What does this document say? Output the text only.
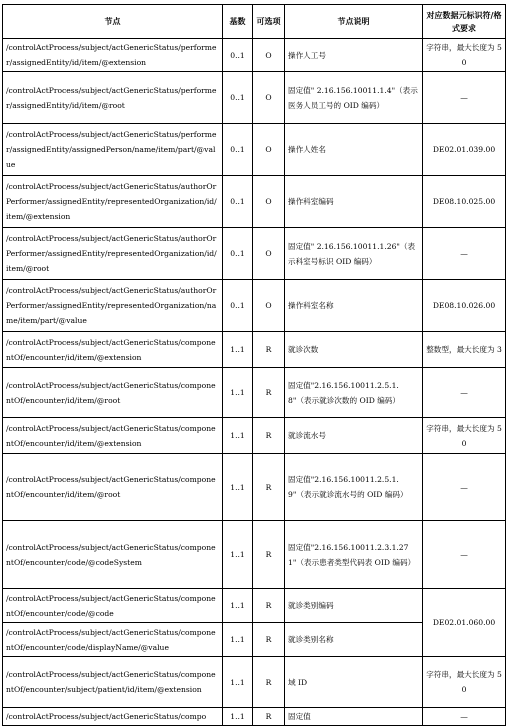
节点	基数	可选项	节点说明	对应数据元标识符/格式要求
/controlActProcess/subject/actGenericStatus/performer/assignedEntity/id/item/@extension	0..1	O	操作人工号	字符串，最大长度为 50
/controlActProcess/subject/actGenericStatus/performer/assignedEntity/id/item/@root	0..1	O	固定值" 2.16.156.10011.1.4"（表示医务人员工号的 OID 编码）	—
/controlActProcess/subject/actGenericStatus/performer/assignedEntity/assignedPerson/name/item/part/@value	0..1	O	操作人姓名	DE02.01.039.00
/controlActProcess/subject/actGenericStatus/authorOrPerformer/assignedEntity/representedOrganization/id/item/@extension	0..1	O	操作科室编码	DE08.10.025.00
/controlActProcess/subject/actGenericStatus/authorOrPerformer/assignedEntity/representedOrganization/id/item/@root	0..1	O	固定值" 2.16.156.10011.1.26"（表示科室号标识 OID 编码）	—
/controlActProcess/subject/actGenericStatus/authorOrPerformer/assignedEntity/representedOrganization/name/item/part/@value	0..1	O	操作科室名称	DE08.10.026.00
/controlActProcess/subject/actGenericStatus/componentOf/encounter/id/item/@extension	1..1	R	就诊次数	整数型，最大长度为 3
/controlActProcess/subject/actGenericStatus/componentOf/encounter/id/item/@root	1..1	R	固定值"2.16.156.10011.2.5.1.8"（表示就诊次数的 OID 编码）	—
/controlActProcess/subject/actGenericStatus/componentOf/encounter/id/item/@extension	1..1	R	就诊流水号	字符串，最大长度为 50
/controlActProcess/subject/actGenericStatus/componentOf/encounter/id/item/@root	1..1	R	固定值"2.16.156.10011.2.5.1.9"（表示就诊流水号的 OID 编码）	—
/controlActProcess/subject/actGenericStatus/componentOf/encounter/code/@codeSystem	1..1	R	固定值"2.16.156.10011.2.3.1.271"（表示患者类型代码表 OID 编码）	—
/controlActProcess/subject/actGenericStatus/componentOf/encounter/code/@code	1..1	R	就诊类别编码	DE02.01.060.00
/controlActProcess/subject/actGenericStatus/componentOf/encounter/code/displayName/@value	1..1	R	就诊类别名称	
/controlActProcess/subject/actGenericStatus/componentOf/encounter/subject/patient/id/item/@extension	1..1	R	域 ID	字符串，最大长度为 50
/controlActProcess/subject/actGenericStatus/compo	1..1	R	固定值	—
